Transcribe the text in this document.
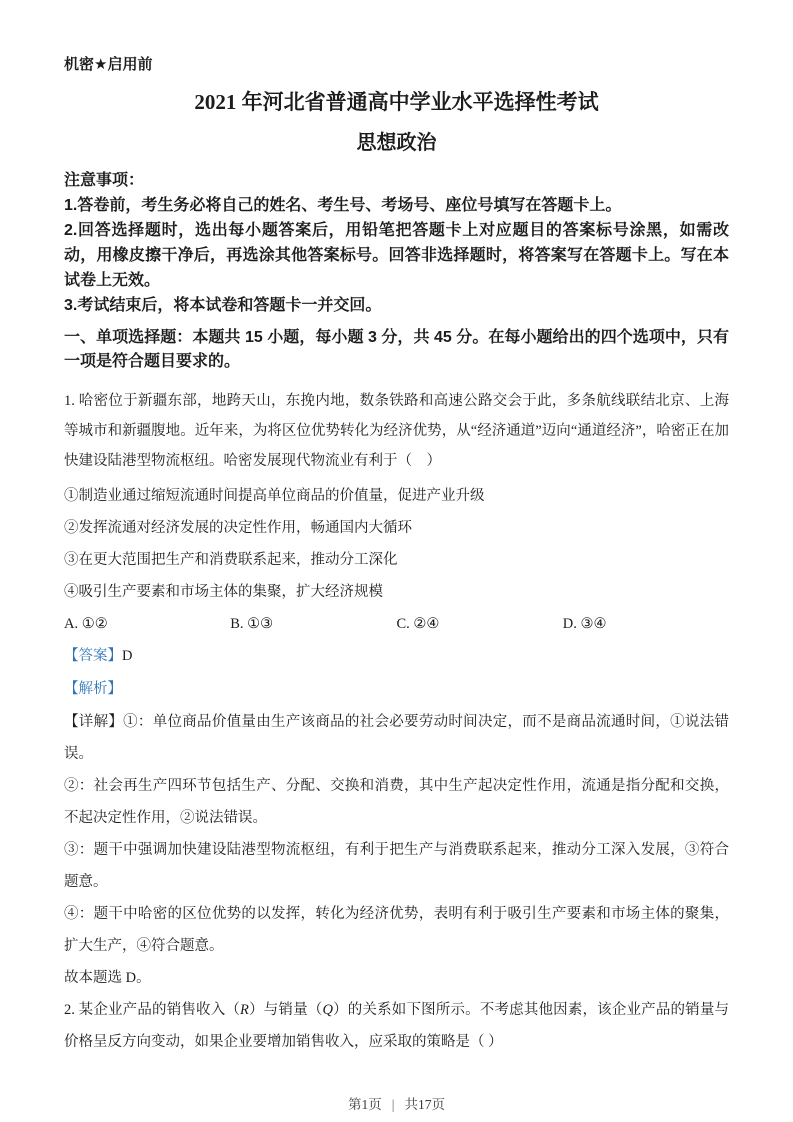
机密★启用前
2021 年河北省普通高中学业水平选择性考试
思想政治

注意事项：

1.答卷前，考生务必将自己的姓名、考生号、考场号、座位号填写在答题卡上。

2.回答选择题时，选出每小题答案后，用铅笔把答题卡上对应题目的答案标号涂黑，如需改动，用橡皮擦干净后，再选涂其他答案标号。回答非选择题时，将答案写在答题卡上。写在本试卷上无效。

3.考试结束后，将本试卷和答题卡一并交回。

一、单项选择题：本题共 15 小题，每小题 3 分，共 45 分。在每小题给出的四个选项中，只有一项是符合题目要求的。

1. 哈密位于新疆东部，地跨天山，东挽内地，数条铁路和高速公路交会于此，多条航线联结北京、上海等城市和新疆腹地。近年来，为将区位优势转化为经济优势，从“经济通道”迈向“通道经济”，哈密正在加快建设陆港型物流枢纽。哈密发展现代物流业有利于（　）

①制造业通过缩短流通时间提高单位商品的价值量，促进产业升级

②发挥流通对经济发展的决定性作用，畅通国内大循环

③在更大范围把生产和消费联系起来，推动分工深化

④吸引生产要素和市场主体的集聚，扩大经济规模

A. ①②	B. ①③	C. ②④	D. ③④

【答案】D

【解析】

【详解】①：单位商品价值量由生产该商品的社会必要劳动时间决定，而不是商品流通时间，①说法错误。

②：社会再生产四环节包括生产、分配、交换和消费，其中生产起决定性作用，流通是指分配和交换，不起决定性作用，②说法错误。

③：题干中强调加快建设陆港型物流枢纽，有利于把生产与消费联系起来，推动分工深入发展，③符合题意。

④：题干中哈密的区位优势的以发挥，转化为经济优势，表明有利于吸引生产要素和市场主体的聚集，扩大生产，④符合题意。

故本题选 D。

2. 某企业产品的销售收入（R）与销量（Q）的关系如下图所示。不考虑其他因素，该企业产品的销量与价格呈反方向变动，如果企业要增加销售收入，应采取的策略是（ ）

第1页 | 共17页
